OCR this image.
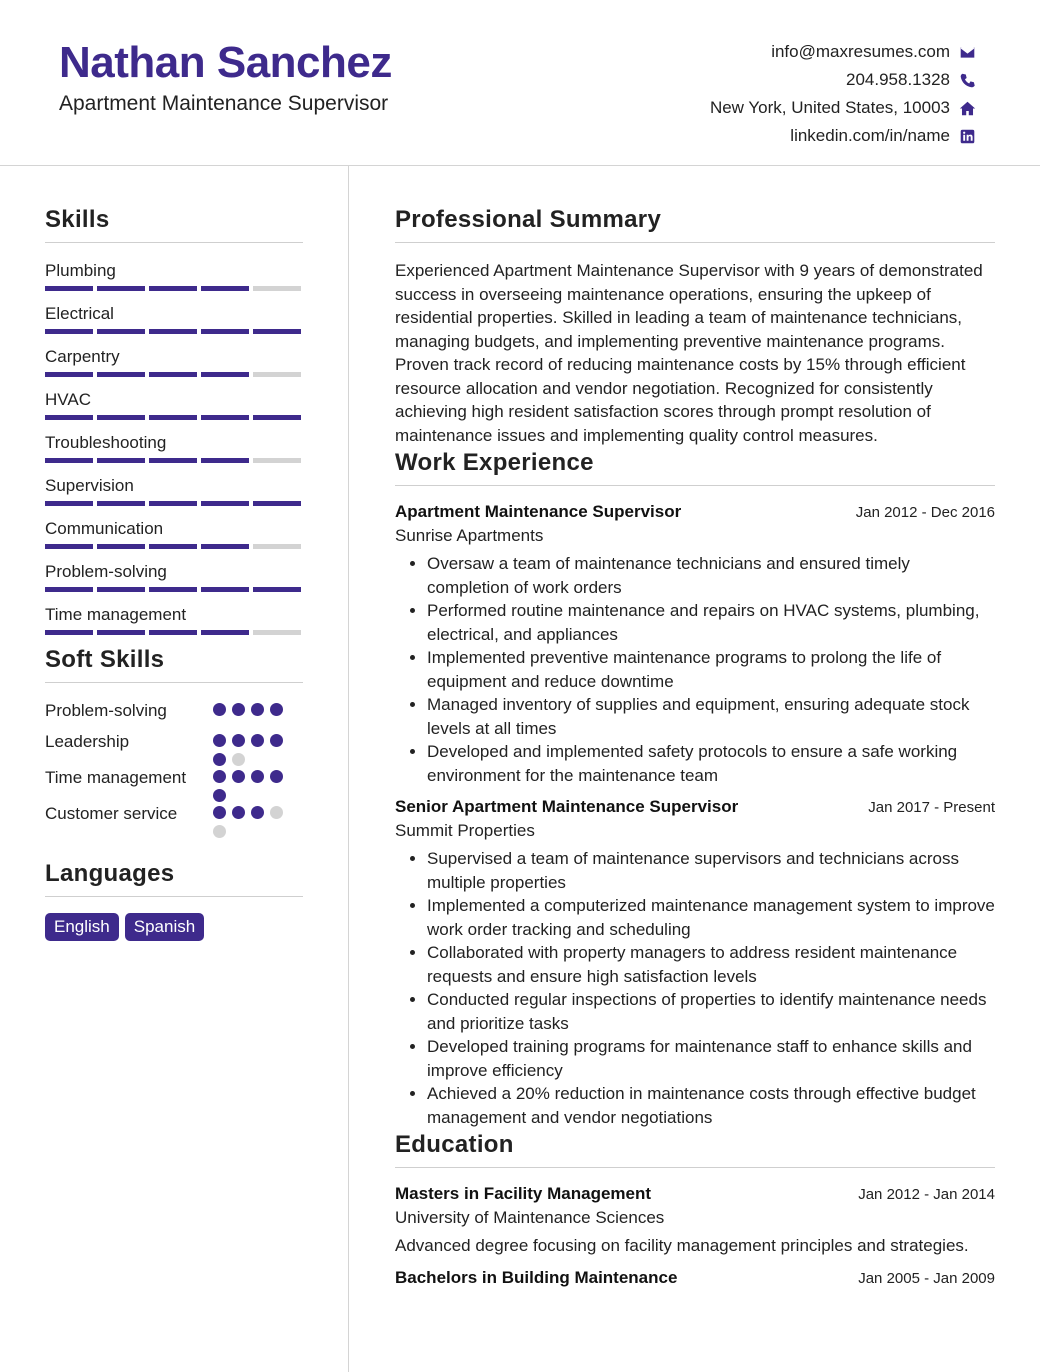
Nathan Sanchez
Apartment Maintenance Supervisor
info@maxresumes.com
204.958.1328
New York, United States, 10003
linkedin.com/in/name
Skills
Plumbing
Electrical
Carpentry
HVAC
Troubleshooting
Supervision
Communication
Problem-solving
Time management
Soft Skills
Problem-solving
Leadership
Time management
Customer service
Languages
English	Spanish
Professional Summary
Experienced Apartment Maintenance Supervisor with 9 years of demonstrated success in overseeing maintenance operations, ensuring the upkeep of residential properties. Skilled in leading a team of maintenance technicians, managing budgets, and implementing preventive maintenance programs. Proven track record of reducing maintenance costs by 15% through efficient resource allocation and vendor negotiation. Recognized for consistently achieving high resident satisfaction scores through prompt resolution of maintenance issues and implementing quality control measures.
Work Experience
Apartment Maintenance Supervisor	Jan 2012 - Dec 2016
Sunrise Apartments
• Oversaw a team of maintenance technicians and ensured timely completion of work orders
• Performed routine maintenance and repairs on HVAC systems, plumbing, electrical, and appliances
• Implemented preventive maintenance programs to prolong the life of equipment and reduce downtime
• Managed inventory of supplies and equipment, ensuring adequate stock levels at all times
• Developed and implemented safety protocols to ensure a safe working environment for the maintenance team
Senior Apartment Maintenance Supervisor	Jan 2017 - Present
Summit Properties
• Supervised a team of maintenance supervisors and technicians across multiple properties
• Implemented a computerized maintenance management system to improve work order tracking and scheduling
• Collaborated with property managers to address resident maintenance requests and ensure high satisfaction levels
• Conducted regular inspections of properties to identify maintenance needs and prioritize tasks
• Developed training programs for maintenance staff to enhance skills and improve efficiency
• Achieved a 20% reduction in maintenance costs through effective budget management and vendor negotiations
Education
Masters in Facility Management	Jan 2012 - Jan 2014
University of Maintenance Sciences
Advanced degree focusing on facility management principles and strategies.
Bachelors in Building Maintenance	Jan 2005 - Jan 2009
